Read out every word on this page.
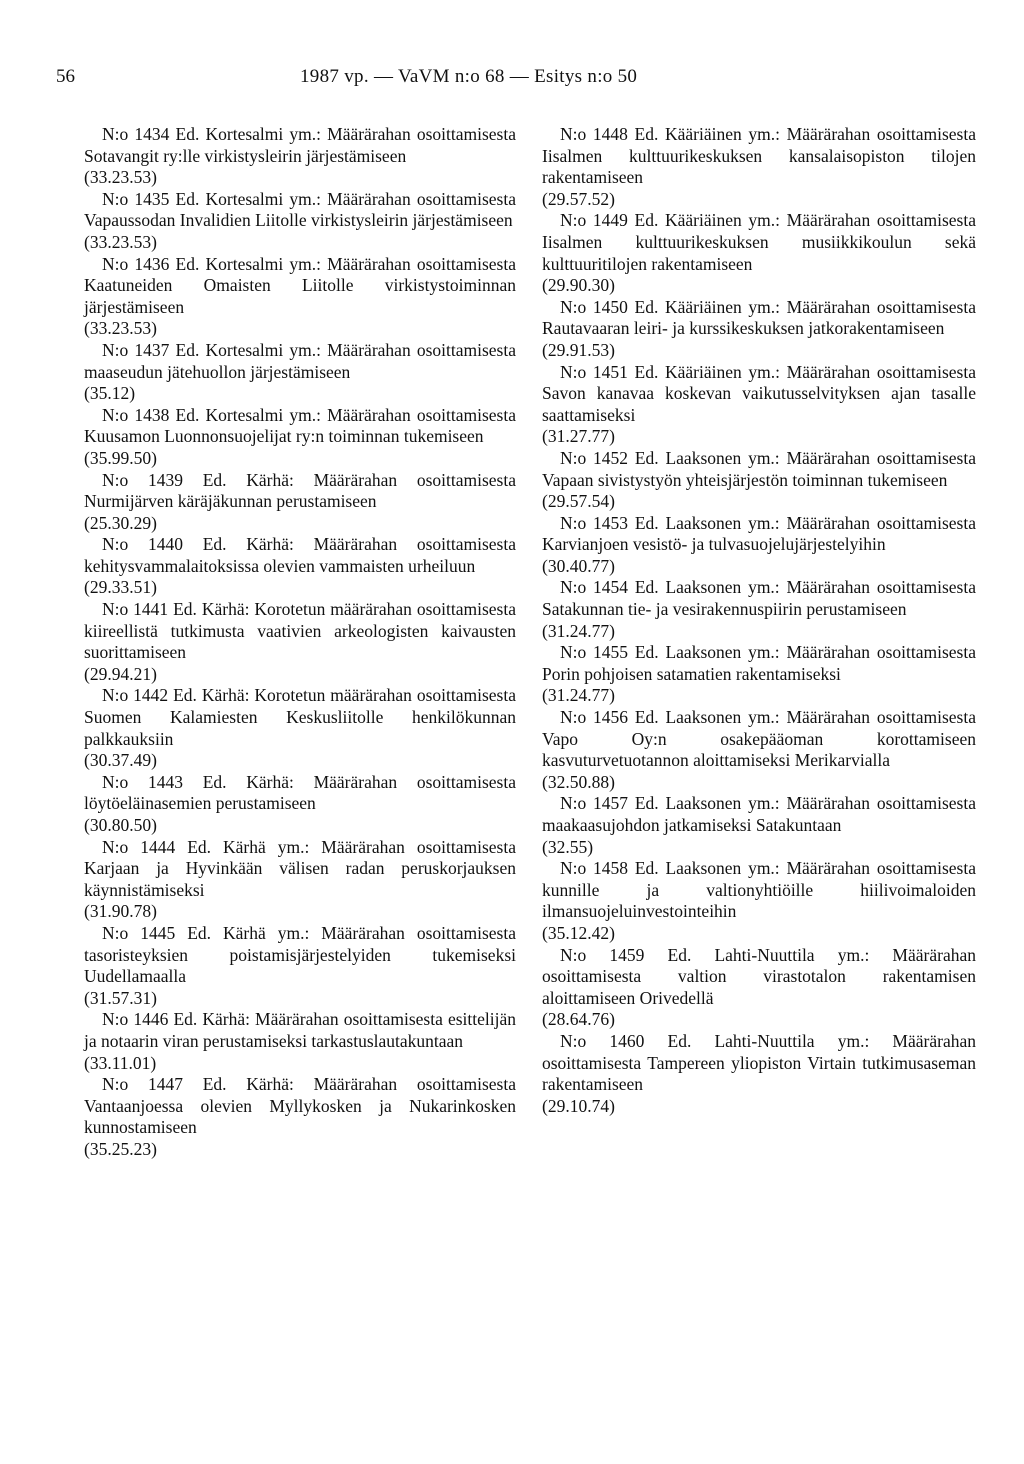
56	1987 vp. — VaVM n:o 68 — Esitys n:o 50

N:o 1434 Ed. Kortesalmi ym.: Määrärahan osoittamisesta Sotavangit ry:lle virkistysleirin järjestämiseen
(33.23.53)

N:o 1435 Ed. Kortesalmi ym.: Määrärahan osoittamisesta Vapaussodan Invalidien Liitolle virkistysleirin järjestämiseen
(33.23.53)

N:o 1436 Ed. Kortesalmi ym.: Määrärahan osoittamisesta Kaatuneiden Omaisten Liitolle virkistystoiminnan järjestämiseen
(33.23.53)

N:o 1437 Ed. Kortesalmi ym.: Määrärahan osoittamisesta maaseudun jätehuollon järjestämiseen
(35.12)

N:o 1438 Ed. Kortesalmi ym.: Määrärahan osoittamisesta Kuusamon Luonnonsuojelijat ry:n toiminnan tukemiseen
(35.99.50)

N:o 1439 Ed. Kärhä: Määrärahan osoittamisesta Nurmijärven käräjäkunnan perustamiseen
(25.30.29)

N:o 1440 Ed. Kärhä: Määrärahan osoittamisesta kehitysvammalaitoksissa olevien vammaisten urheiluun
(29.33.51)

N:o 1441 Ed. Kärhä: Korotetun määrärahan osoittamisesta kiireellistä tutkimusta vaativien arkeologisten kaivausten suorittamiseen
(29.94.21)

N:o 1442 Ed. Kärhä: Korotetun määrärahan osoittamisesta Suomen Kalamiesten Keskusliitolle henkilökunnan palkkauksiin
(30.37.49)

N:o 1443 Ed. Kärhä: Määrärahan osoittamisesta löytöeläinasemien perustamiseen
(30.80.50)

N:o 1444 Ed. Kärhä ym.: Määrärahan osoittamisesta Karjaan ja Hyvinkään välisen radan peruskorjauksen käynnistämiseksi
(31.90.78)

N:o 1445 Ed. Kärhä ym.: Määrärahan osoittamisesta tasoristeyksien poistamisjärjestelyiden tukemiseksi Uudellamaalla
(31.57.31)

N:o 1446 Ed. Kärhä: Määrärahan osoittamisesta esittelijän ja notaarin viran perustamiseksi tarkastuslautakuntaan
(33.11.01)

N:o 1447 Ed. Kärhä: Määrärahan osoittamisesta Vantaanjoessa olevien Myllykosken ja Nukarinkosken kunnostamiseen
(35.25.23)

N:o 1448 Ed. Kääriäinen ym.: Määrärahan osoittamisesta Iisalmen kulttuurikeskuksen kansalaisopiston tilojen rakentamiseen
(29.57.52)

N:o 1449 Ed. Kääriäinen ym.: Määrärahan osoittamisesta Iisalmen kulttuurikeskuksen musiikkikoulun sekä kulttuuritilojen rakentamiseen
(29.90.30)

N:o 1450 Ed. Kääriäinen ym.: Määrärahan osoittamisesta Rautavaaran leiri- ja kurssikeskuksen jatkorakentamiseen
(29.91.53)

N:o 1451 Ed. Kääriäinen ym.: Määrärahan osoittamisesta Savon kanavaa koskevan vaikutusselvityksen ajan tasalle saattamiseksi
(31.27.77)

N:o 1452 Ed. Laaksonen ym.: Määrärahan osoittamisesta Vapaan sivistystyön yhteisjärjestön toiminnan tukemiseen
(29.57.54)

N:o 1453 Ed. Laaksonen ym.: Määrärahan osoittamisesta Karvianjoen vesistö- ja tulvasuojelujärjestelyihin
(30.40.77)

N:o 1454 Ed. Laaksonen ym.: Määrärahan osoittamisesta Satakunnan tie- ja vesirakennuspiirin perustamiseen
(31.24.77)

N:o 1455 Ed. Laaksonen ym.: Määrärahan osoittamisesta Porin pohjoisen satamatien rakentamiseksi
(31.24.77)

N:o 1456 Ed. Laaksonen ym.: Määrärahan osoittamisesta Vapo Oy:n osakepääoman korottamiseen kasvuturvetuotannon aloittamiseksi Merikarvialla
(32.50.88)

N:o 1457 Ed. Laaksonen ym.: Määrärahan osoittamisesta maakaasujohdon jatkamiseksi Satakuntaan
(32.55)

N:o 1458 Ed. Laaksonen ym.: Määrärahan osoittamisesta kunnille ja valtionyhtiöille hiilivoimaloiden ilmansuojeluinvestointeihin
(35.12.42)

N:o 1459 Ed. Lahti-Nuuttila ym.: Määrärahan osoittamisesta valtion virastotalon rakentamisen aloittamiseen Orivedellä
(28.64.76)

N:o 1460 Ed. Lahti-Nuuttila ym.: Määrärahan osoittamisesta Tampereen yliopiston Virtain tutkimusaseman rakentamiseen
(29.10.74)
